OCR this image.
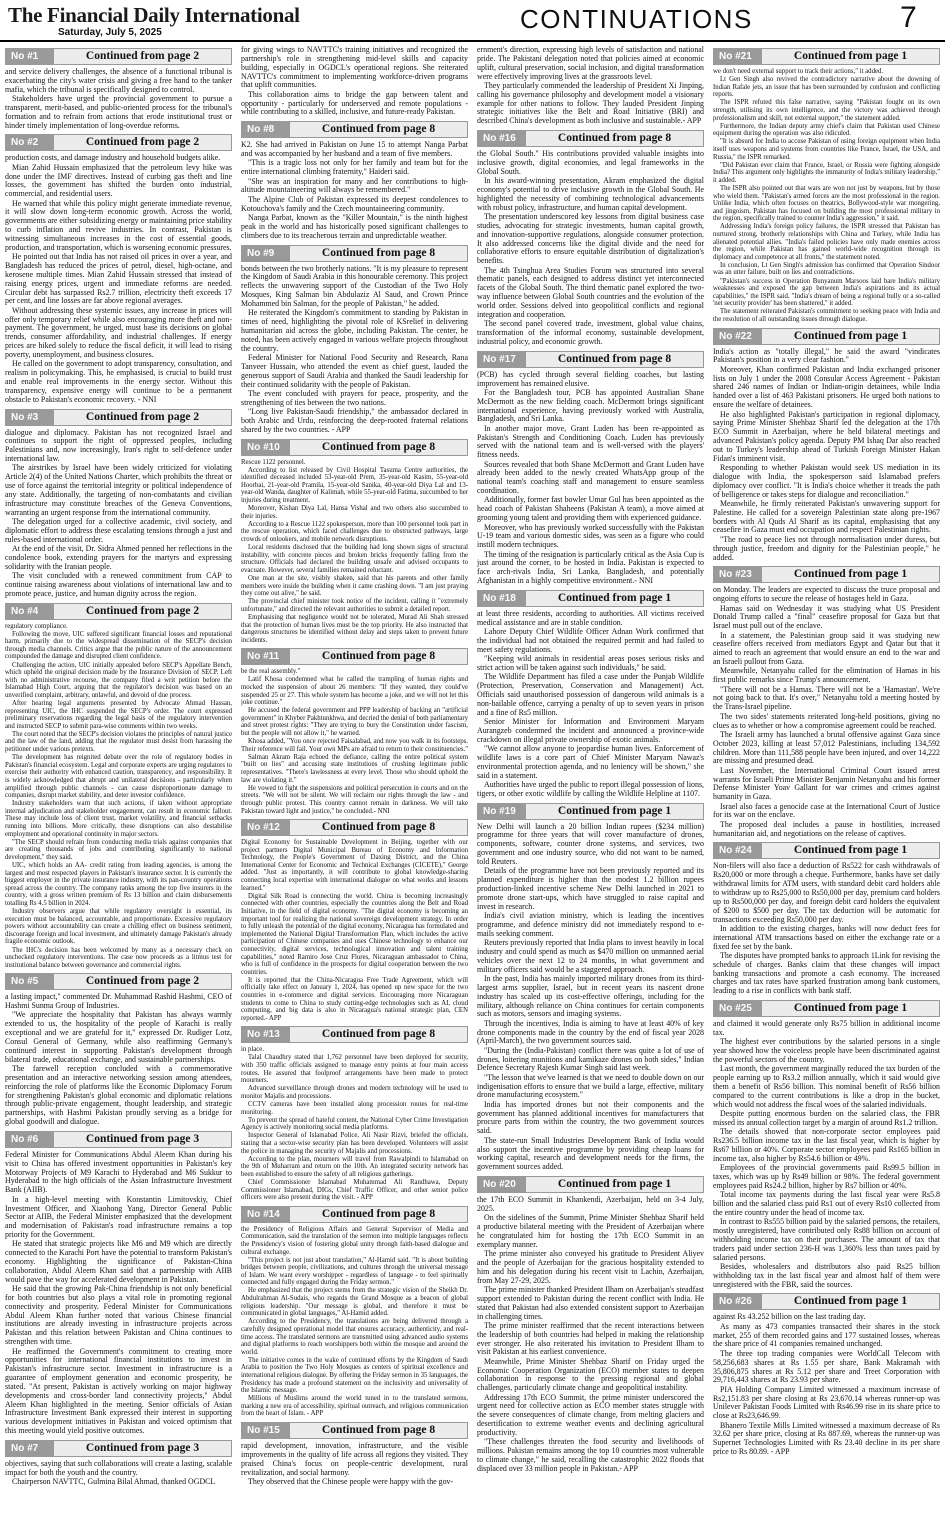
The Financial Daily International
Saturday, July 5, 2025	CONTINUATIONS	7
No #1	Continued from page 2

and service delivery challenges, the absence of a functional tribunal is exacerbating the city's water crisis and giving a free hand to the tanker mafia, which the tribunal is specifically designed to control.

Stakeholders have urged the provincial government to pursue a transparent, merit-based, and public-oriented process for the tribunal's formation and to refrain from actions that erode institutional trust or hinder timely implementation of long-overdue reforms.

No #2	Continued from page 2

production costs, and damage industry and household budgets alike.

Mian Zahid Hussain emphasized that the petroleum levy hike was done under the IMF directives. Instead of curbing gas theft and line losses, the government has shifted the burden onto industrial, commercial, and residential users.

He warned that while this policy might generate immediate revenue, it will slow down long-term economic growth. Across the world, governments are either subsidizing energy or maintaining price stability to curb inflation and revive industries. In contrast, Pakistan is witnessing simultaneous increases in the cost of essential goods, production, and transportation, which is worsening economic pressures.

He pointed out that India has not raised oil prices in over a year, and Bangladesh has reduced the prices of petrol, diesel, high-octane, and kerosene multiple times. Mian Zahid Hussain stressed that instead of raising energy prices, urgent and immediate reforms are needed. Circular debt has surpassed Rs2.7 trillion, electricity theft exceeds 17 per cent, and line losses are far above regional averages.

Without addressing these systemic issues, any increase in prices will offer only temporary relief while also encouraging more theft and non-payment. The government, he urged, must base its decisions on global trends, consumer affordability, and industrial challenges. If energy prices are hiked solely to reduce the fiscal deficit, it will lead to rising poverty, unemployment, and business closures.

He called on the government to adopt transparency, consultation, and realism in policymaking. This, he emphasised, is crucial to build trust and enable real improvements in the energy sector. Without this transparency, expensive energy will continue to be a permanent obstacle to Pakistan's economic recovery. - NNI

No #3	Continued from page 2

dialogue and diplomacy. Pakistan has not recognized Israel and continues to support the right of oppressed peoples, including Palestinians and, now increasingly, Iran's right to self-defence under international law.

The airstrikes by Israel have been widely criticized for violating Article 2(4) of the United Nations Charter, which prohibits the threat or use of force against the territorial integrity or political independence of any state. Additionally, the targeting of non-combatants and civilian infrastructure may constitute breaches of the Geneva Conventions, warranting an urgent response from the international community.

The delegation urged for a collective academic, civil society, and diplomatic effort to address these escalating tensions through a just and rules-based international order.

At the end of the visit, Dr. Sidra Ahmed penned her reflections in the condolence book, extending prayers for the martyrs and expressing solidarity with the Iranian people.

The visit concluded with a renewed commitment from CAP to continue raising awareness about violations of international law and to promote peace, justice, and human dignity across the region.

No #4	Continued from page 2

regulatory compliance.

Following the move, UIC suffered significant financial losses and reputational harm, primarily due to the widespread dissemination of the SECP's decision through media channels. Critics argue that the public nature of the announcement compounded the damage and disrupted client confidence.

Challenging the action, UIC initially appealed before SECP's Appellate Bench, which upheld the original decision made by the Insurance Division of SECP. Left with no administrative recourse, the company filed a writ petition before the Islamabad High Court, arguing that the regulator's decision was based on an unverified complaint, arbitrary, unlawful, and devoid of due process.

After hearing legal arguments presented by Advocate Ahmad Hassan, representing UIC, the IHC suspended the SECP's order. The court expressed preliminary reservations regarding the legal basis of the regulatory intervention and instructed SECP to submit para-wise comments within two weeks.

The court noted that the SECP's decision violates the principles of natural justice and the law of the land, adding that the regulator must desist from harassing the petitioner under various pretexts.

The development has reignited debate over the role of regulatory bodies in Pakistan's financial ecosystem. Legal and corporate experts are urging regulators to exercise their authority with enhanced caution, transparency, and responsibility. It is widely acknowledged that abrupt and unilateral decisions - particularly when amplified through public channels - can cause disproportionate damage to companies, disrupt market stability, and deter investor confidence.

Industry stakeholders warn that such actions, if taken without appropriate internal adjudication and stakeholder engagement, can result in economic fallout. These may include loss of client trust, market volatility, and financial setbacks running into billions. More critically, these disruptions can also destabilise employment and operational continuity in major sectors.

"The SECP should refrain from conducting media trials against companies that are creating thousands of jobs and contributing significantly to national development," they said.

UIC, which holds an AA- credit rating from leading agencies, is among the largest and most respected players in Pakistan's insurance sector. It is currently the biggest employer in the private insurance industry, with its pan-country operations spread across the country. The company ranks among the top five insurers in the country, with a gross written premium of Rs 13 billion and claim disbursements totalling Rs 4.5 billion in 2024.

Industry observers argue that while regulatory oversight is essential, its execution must be balanced, accountable, and proportionate. Excessive regulatory powers without accountability can create a chilling effect on business sentiment, discourage foreign and local investment, and ultimately damage Pakistan's already fragile economic outlook.

The IHC's decision has been welcomed by many as a necessary check on unchecked regulatory interventions. The case now proceeds as a litmus test for institutional balance between governance and commercial rights.

No #5	Continued from page 2

a lasting impact," commented Dr. Muhammad Rashid Hashmi, CEO of Hashmi Sunma Group of Industries.

"We appreciate the hospitality that Pakistan has always warmly extended to us, the hospitality of the people of Karachi is really exceptional and we are grateful for it," expressed Dr. Rudiger Lotz, Consul General of Germany, while also reaffirming Germany's continued interest in supporting Pakistan's development through bilateral trade, educational exchange, and sustainable partnerships.

The farewell reception concluded with a commemorative presentation and an interactive networking session among attendees, reinforcing the role of platforms like the Economic Diplomacy Forum for strengthening Pakistan's global economic and diplomatic relations through public-private engagement, thought leadership, and strategic partnerships, with Hashmi Pakistan proudly serving as a bridge for global goodwill and dialogue.

No #6	Continued from page 3

Federal Minister for Communications Abdul Aleem Khan during his visit to China has offered investment opportunities in Pakistan's key Motorway Projects of M9 Karachi to Hyderabad and M6 Sukkur to Hyderabad to the high officials of the Asian Infrastructure Investment Bank (AIIB).

In a high-level meeting with Konstantin Limitovskiy, Chief Investment Officer, and Xiaohong Yang, Director General Public Sector at AIIB, the Federal Minister emphasized that the development and modernisation of Pakistan's road infrastructure remains a top priority for the Government.

He stated that strategic projects like M6 and M9 which are directly connected to the Karachi Port have the potential to transform Pakistan's economy. Highlighting the significance of Pakistan-China collaboration, Abdul Aleem Khan said that a partnership with AIIB would pave the way for accelerated development in Pakistan.

He said that the growing Pak-China friendship is not only beneficial for both countries but also plays a vital role in promoting regional connectivity and prosperity. Federal Minister for Communications Abdul Aleem Khan further noted that various Chinese financial institutions are already investing in infrastructure projects across Pakistan and this relation between Pakistan and China continues to strengthen with time.

He reaffirmed the Government's commitment to creating more opportunities for international financial institutions to invest in Pakistan's infrastructure sector. Investment in infrastructure is a guarantee of employment generation and economic prosperity, he stated. "At present, Pakistan is actively working on major highway developments and cross-border land connectivity projects," Abdul Aleem Khan highlighted in the meeting. Senior officials of Asian Infrastructure Investment Bank expressed their interest in supporting various development initiatives in Pakistan and voiced optimism that this meeting would yield positive outcomes.

No #7	Continued from page 3

objectives, saying that such collaborations will create a lasting, scalable impact for both the youth and the country.

Chairperson NAVTTC, Gulmina Bilal Ahmad, thanked OGDCL

for giving wings to NAVTTC's training initiatives and recognized the partnership's role in strengthening mid-level skills and capacity building, especially in OGDCL's operational regions. She reiterated NAVTTC's commitment to implementing workforce-driven programs that uplift communities.

This collaboration aims to bridge the gap between talent and opportunity - particularly for underserved and remote populations - while contributing to a skilled, inclusive, and future-ready Pakistan.

No #8	Continued from page 8

K2. She had arrived in Pakistan on June 15 to attempt Nanga Parbat and was accompanied by her husband and a team of five members.

"This is a tragic loss not only for her family and team but for the entire international climbing fraternity," Haideri said.

"She was an inspiration for many and her contributions to high-altitude mountaineering will always be remembered."

The Alpine Club of Pakistan expressed its deepest condolences to Kotouchova's family and the Czech mountaineering community.

Nanga Parbat, known as the "Killer Mountain," is the ninth highest peak in the world and has historically posed significant challenges to climbers due to its treacherous terrain and unpredictable weather.

No #9	Continued from page 8

bonds between the two brotherly nations. "It is my pleasure to represent the Kingdom of Saudi Arabia in this honourable ceremony. This project reflects the unwavering support of the Custodian of the Two Holy Mosques, King Salman bin Abdulaziz Al Saud, and Crown Prince Mohammed bin Salman, for the people of Pakistan," he added.

He reiterated the Kingdom's commitment to standing by Pakistan in times of need, highlighting the pivotal role of KSrelief in delivering humanitarian aid across the globe, including Pakistan. The center, he noted, has been actively engaged in various welfare projects throughout the country.

Federal Minister for National Food Security and Research, Rana Tanveer Hussain, who attended the event as chief guest, lauded the generous support of Saudi Arabia and thanked the Saudi leadership for their continued solidarity with the people of Pakistan.

The event concluded with prayers for peace, prosperity, and the strengthening of ties between the two nations.

"Long live Pakistan-Saudi friendship," the ambassador declared in both Arabic and Urdu, reinforcing the deep-rooted fraternal relations shared by the two countries. - APP

No #10	Continued from page 8

Rescue 1122 personnel.

According to list released by Civil Hospital Tasuma Centre authorities, the identified deceased included 53-year-old Prem, 35-year-old Kasim, 55-year-old Hoorbai, 21-year-old Pramila, 15-year-old Sanika, 40-year-old Diya Lal and 13-year-old Wanda, daughter of Kalimah, while 55-year-old Fatima, succumbed to her injuries during treatment.

Moreover, Kishan Diya Lal, Hansa Vishal and two others also succumbed to their injuries.

According to a Rescue 1122 spokesperson, more than 100 personnel took part in the rescue operation, which faced challenges due to obstructed pathways, large crowds of onlookers, and mobile network disruptions.

Local residents disclosed that the building had long shown signs of structural instability, with concrete pieces and broken bricks frequently falling from the structure. Officials had declared the building unsafe and advised occupants to evacuate. However, several families remained reluctant.

One man at the site, visibly shaken, said that his parents and other family members were inside the building when it came crashing down. "I am just praying they come out alive," he said.

The provincial chief minister took notice of the incident, calling it "extremely unfortunate," and directed the relevant authorities to submit a detailed report.

Emphasising that negligence would not be tolerated, Murad Ali Shah stressed that the protection of human lives must be the top priority. He also instructed that dangerous structures be identified without delay and steps taken to prevent future incidents.

No #11	Continued from page 8

be the real assembly."

Latif Khosa condemned what he called the trampling of human rights and mocked the suspension of about 26 members: "If they wanted, they could've suspended 25 or 27. This whole system has become a joke, and we will not let this joke continue."

He accused the federal government and PPP leadership of backing an "artificial government" in Khyber Pakhtunkhwa, and decried the denial of both parliamentary and street protest rights: "They are trying to bury the Constitution under fascism, but the people will not allow it," he warned.

Khosa added, "You once rejected Faisalabad, and now you walk in its footsteps. Their reference will fail. Your own MPs are afraid to return to their constituencies."

Salman Akram Raja echoed the defiance, calling the entire political system "built on lies" and accusing state institutions of crushing legitimate public representatives. "There's lawlessness at every level. Those who should uphold the law are violating it."

He vowed to fight the suspensions and political persecution in courts and on the streets. "We will not be silent. We will reclaim our rights through the law - and through public protest. This country cannot remain in darkness. We will take Pakistan toward light and justice," he concluded.- NNI

No #12	Continued from page 8

Digital Economy for Sustainable Development in Beijing, together with our project partners Digital Municipal Bureau of Economy and Information Technology, the People's Government of Daxing District, and the China International Center for Economic and Technical Exchanges (CICETE)," George added. "Just as importantly, it will contribute to global knowledge-sharing connecting local expertise with international dialogue on what works and lessons learned."

Digital Silk Road is connecting the world. China is becoming increasingly connected with other countries, especially the countries along the Belt and Road Initiative, in the field of digital economy. "The digital economy is becoming an important tool for realizing the national sovereign development strategy. In order to fully unleash the potential of the digital economy, Nicaragua has formulated and implemented the National Digital Transformation Plan, which includes the active participation of Chinese companies and uses Chinese technology to enhance our connectivity, digital services, technological innovation and talent training capabilities," noted Ramiro Jose Cruz Flores, Nicaraguan ambassador to China, who is full of confidence in the prospects for digital cooperation between the two countries.

It is reported that the China-Nicaragua Free Trade Agreement, which will officially take effect on January 1, 2024, has opened up new space for the two countries in e-commerce and digital services. Encouraging more Nicaraguan students to come to China to study cutting-edge technologies such as AI, cloud computing, and big data is also in Nicaragua's national strategic plan, CEN reported.- APP

No #13	Continued from page 8

in place.

Talal Chaudhry stated that 1,762 personnel have been deployed for security, with 350 traffic officials assigned to manage entry points at four main access routes. He assured that foolproof arrangements have been made to protect mourners.

Advanced surveillance through drones and modern technology will be used to monitor Majalis and processions.

CCTV cameras have been installed along procession routes for real-time monitoring.

To prevent the spread of hateful content, the National Cyber Crime Investigation Agency is actively monitoring social media platforms.

Inspector General of Islamabad Police, Ali Nasir Rizvi, briefed the officials, stating that a sector-wise security plan has been developed. Volunteers will assist the police in managing the security of Majalis and processions.

According to the plan, mourners will travel from Rawalpindi to Islamabad on the 9th of Muharram and return on the 10th. An integrated security network has been established to ensure the safety of all religious gatherings.

Chief Commissioner Islamabad Muhammad Ali Randhawa, Deputy Commissioner Islamabad, DIGs, Chief Traffic Officer, and other senior police officers were also present during the visit. - APP

No #14	Continued from page 8

the Presidency of Religious Affairs and General Supervisor of Media and Communication, said the translation of the sermon into multiple languages reflects the Presidency's vision of fostering global unity through faith-based dialogue and cultural exchange.

"This project is not just about translation," Al-Hamid said. "It is about building bridges between people, civilizations, and cultures through the universal message of Islam. We want every worshipper - regardless of language - to feel spiritually connected and fully engaged during the Friday sermon."

He emphasized that the project stems from the strategic vision of the Sheikh Dr. Abdulrahman Al-Sudais, who regards the Grand Mosque as a beacon of global religious leadership. "Our message is global, and therefore it must be communicated in global languages," Al-Hamid added.

According to the Presidency, the translations are being delivered through a carefully designed operational model that ensures accuracy, authenticity, and real-time access. The translated sermons are transmitted using advanced audio systems and digital platforms to reach worshippers both within the mosque and around the world.

The initiative comes in the wake of continued efforts by the Kingdom of Saudi Arabia to position the Two Holy Mosques as centers of spiritual excellence and international religious dialogue. By offering the Friday sermon in 35 languages, the Presidency has made a profound statement on the inclusivity and universality of the Islamic message.

Millions of Muslims around the world tuned in to the translated sermons, marking a new era of accessibility, spiritual outreach, and religious communication from the heart of Islam. - APP

No #15	Continued from page 8

rapid development, innovation, infrastructure, and the visible improvements in the quality of life across all regions they visited. They praised China's focus on people-centric development, rural revitalization, and social harmony.

They observed that the Chinese people were happy with the gov-

ernment's direction, expressing high levels of satisfaction and national pride. The Pakistani delegation noted that policies aimed at economic uplift, cultural preservation, social inclusion, and digital transformation were effectively improving lives at the grassroots level.

They particularly commended the leadership of President Xi Jinping, calling his governance philosophy and development model a visionary example for other nations to follow. They lauded President Jinping strategic initiatives like the Belt and Road Initiative (BRI) and described China's development as both inclusive and sustainable.- APP

No #16	Continued from page 8

the Global South." His contributions provided valuable insights into inclusive growth, digital economies, and legal frameworks in the Global South.

In his award-winning presentation, Akram emphasized the digital economy's potential to drive inclusive growth in the Global South. He highlighted the necessity of combining technological advancements with robust policy, infrastructure, and human capital development.

The presentation underscored key lessons from digital business case studies, advocating for strategic investments, human capital growth, and innovation-supportive regulations, alongside consumer protection. It also addressed concerns like the digital divide and the need for collaborative efforts to ensure equitable distribution of digitalization's benefits.

The 4th Tsinghua Area Studies Forum was structured into several thematic panels, each designed to address distinct yet interconnected facets of the Global South. The third thematic panel explored the two-way influence between Global South countries and the evolution of the world order. Sessions delved into geopolitical conflicts and regional integration and cooperation.

The second panel covered trade, investment, global value chains, transformation of the informal economy, sustainable development, industrial policy, and economic growth.

No #17	Continued from page 8

(PCB) has cycled through several fielding coaches, but lasting improvement has remained elusive.

For the Bangladesh tour, PCB has appointed Australian Shane McDermott as the new fielding coach. McDermott brings significant international experience, having previously worked with Australia, Bangladesh, and Sri Lanka.

In another major move, Grant Luden has been re-appointed as Pakistan's Strength and Conditioning Coach. Luden has previously served with the national team and is well-versed with the players' fitness needs.

Sources revealed that both Shane McDermott and Grant Luden have already been added to the newly created WhatsApp group of the national team's coaching staff and management to ensure seamless coordination.

Additionally, former fast bowler Umar Gul has been appointed as the head coach of Pakistan Shaheens (Pakistan A team), a move aimed at grooming young talent and providing them with experienced guidance.

Moreover, who has previously worked successfully with the Pakistan U-19 team and various domestic sides, was seen as a figure who could instill modern techniques.

The timing of the resignation is particularly critical as the Asia Cup is just around the corner, to be hosted in India. Pakistan is expected to face arch-rivals India, Sri Lanka, Bangladesh, and potentially Afghanistan in a highly competitive environment.- NNI

No #18	Continued from page 1

at least three residents, according to authorities. All victims received medical assistance and are in stable condition.

Lahore Deputy Chief Wildlife Officer Adnan Work confirmed that the individual had not obtained the required permit and had failed to meet safety regulations.

"Keeping wild animals in residential areas poses serious risks and strict action will be taken against such individuals," he said.

The Wildlife Department has filed a case under the Punjab Wildlife (Protection, Preservation, Conservation and Management) Act. Officials said unauthorised possession of dangerous wild animals is a non-bailable offence, carrying a penalty of up to seven years in prison and a fine of Rs5 million.

Senior Minister for Information and Environment Maryam Aurangzeb condemned the incident and announced a province-wide crackdown on illegal private ownership of exotic animals.

"We cannot allow anyone to jeopardise human lives. Enforcement of wildlife laws is a core part of Chief Minister Maryam Nawaz's environmental protection agenda, and no leniency will be shown," she said in a statement.

Authorities have urged the public to report illegal possession of lions, tigers, or other exotic wildlife by calling the Wildlife Helpline at 1107.

No #19	Continued from page 1

New Delhi will launch a 20 billion Indian rupees ($234 million) programme for three years that will cover manufacture of drones, components, software, counter drone systems, and services, two government and one industry source, who did not want to be named, told Reuters.

Details of the programme have not been previously reported and its planned expenditure is higher than the modest 1.2 billion rupees production-linked incentive scheme New Delhi launched in 2021 to promote drone start-ups, which have struggled to raise capital and invest in research.

India's civil aviation ministry, which is leading the incentives programme, and defence ministry did not immediately respond to e-mails seeking comment.

Reuters previously reported that India plans to invest heavily in local industry and could spend as much as $470 million on unmanned aerial vehicles over the next 12 to 24 months, in what government and military officers said would be a staggered approach.

In the past, India has mainly imported military drones from its third-largest arms supplier, Israel, but in recent years its nascent drone industry has scaled up its cost-effective offerings, including for the military, although reliance on China continues for certain components such as motors, sensors and imaging systems.

Through the incentives, India is aiming to have at least 40% of key drone components made in the country by the end of fiscal year 2028 (April-March), the two government sources said.

"During the (India-Pakistan) conflict there was quite a lot of use of drones, loitering munitions and kamikaze drones on both sides," Indian Defence Secretary Rajesh Kumar Singh said last week.

"The lesson that we've learned is that we need to double down on our indigenisation efforts to ensure that we build a large, effective, military drone manufacturing ecosystem."

India has imported drones but not their components and the government has planned additional incentives for manufacturers that procure parts from within the country, the two government sources said.

The state-run Small Industries Development Bank of India would also support the incentive programme by providing cheap loans for working capital, research and development needs for the firms, the government sources added.

No #20	Continued from page 1

the 17th ECO Summit in Khankendi, Azerbaijan, held on 3-4 July, 2025.

On the sidelines of the Summit, Prime Minister Shehbaz Sharif held a productive bilateral meeting with the President of Azerbaijan where he congratulated him for hosting the 17th ECO Summit in an exemplary manner.

The prime minister also conveyed his gratitude to President Aliyev and the people of Azerbaijan for the gracious hospitality extended to him and his delegation during his recent visit to Lachin, Azerbaijan, from May 27-29, 2025.

The prime minister thanked President Ilham on Azerbaijan's steadfast support extended to Pakistan during the recent conflict with India. He stated that Pakistan had also extended consistent support to Azerbaijan in challenging times.

The prime minister reaffirmed that the recent interactions between the leadership of both countries had helped in making the relationship ever stronger. He also reiterated his invitation to President Ilham to visit Pakistan at his earliest convenience.

Meanwhile, Prime Minister Shehbaz Sharif on Friday urged the Economic Cooperation Organization (ECO) member states to deepen collaboration in response to the pressing regional and global challenges, particularly climate change and geopolitical instability.

Addressing 17th ECO Summit, the prime minister underscored the urgent need for collective action as ECO member states struggle with the severe consequences of climate change, from melting glaciers and desertification to extreme weather events and declining agricultural productivity.

"These challenges threaten the food security and livelihoods of millions. Pakistan remains among the top 10 countries most vulnerable to climate change," he said, recalling the catastrophic 2022 floods that displaced over 33 million people in Pakistan.- APP

No #21	Continued from page 1

we don't need external support to track their actions," it added.

Lt Gen Singh also revived the contradictory narrative about the downing of Indian Rafale jets, an issue that has been surrounded by confusion and conflicting reports.

The ISPR refuted this false narrative, saying "Pakistan fought on its own strength, utilising its own intelligence, and the victory was achieved through professionalism and skill, not external support," the statement added.

Furthermore, the Indian deputy army chief's claim that Pakistan used Chinese equipment during the operation was also ridiculed.

"It is absurd for India to accuse Pakistan of using foreign equipment when India itself uses weapons and systems from countries like France, Israel, the USA, and Russia," the ISPR remarked.

"Did Pakistan ever claim that France, Israel, or Russia were fighting alongside India? This argument only highlights the immaturity of India's military leadership," it added.

The ISPR also pointed out that wars are won not just by weapons, but by those who wield them. "Pakistan's armed forces are the most professional in the region. Unlike India, which often focuses on theatrics, Bollywood-style war mongering, and jingoism, Pakistan has focused on building the most professional military in the region, specifically trained to counter India's aggression," it said.

Addressing India's foreign policy failures, the ISPR stressed that Pakistan has nurtured strong, brotherly relationships with China and Turkey, while India has alienated potential allies. "India's failed policies have only made enemies across the region, while Pakistan has gained world-wide recognition through its diplomacy and competence at all fronts," the statement noted.

In conclusion, Lt Gen Singh's admission has confirmed that Operation Sindoor was an utter failure, built on lies and contradictions.

"Pakistan's success in Operation Bunyanum Marsoos laid bare India's military weaknesses and exposed the gap between India's aspirations and its actual capabilities," the ISPR said. "India's dream of being a regional bully or a so-called 'net security provider' has been shattered," it added.

The statement reiterated Pakistan's commitment to seeking peace with India and the resolution of all outstanding issues through dialogue.

No #22	Continued from page 1

India's action as "totally illegal," he said the award "vindicates Pakistan's position in a very clear fashion."

Moreover, Khan confirmed Pakistan and India exchanged prisoner lists on July 1 under the 2008 Consular Access Agreement - Pakistan shared 246 names of Indian or Indian-origin detainees, while India handed over a list of 463 Pakistani prisoners. He urged both nations to ensure the welfare of detainees.

He also highlighted Pakistan's participation in regional diplomacy, saying Prime Minister Shehbaz Sharif led the delegation at the 17th ECO Summit in Azerbaijan, where he held bilateral meetings and advanced Pakistan's policy agenda. Deputy PM Ishaq Dar also reached out to Turkey's leadership ahead of Turkish Foreign Minister Hakan Fidan's imminent visit.

Responding to whether Pakistan would seek US mediation in its dialogue with India, the spokesperson said Islamabad prefers diplomacy over conflict. "It is India's choice whether it treads the path of belligerence or takes steps for dialogue and reconciliation."

Meanwhile, he firmly reiterated Pakistan's unwavering support for Palestine. He called for a sovereign Palestinian state along pre-1967 borders with Al Quds Al Sharif as its capital, emphasising that any ceasefire in Gaza must end occupation and respect Palestinian rights.

"The road to peace lies not through normalisation under duress, but through justice, freedom and dignity for the Palestinian people," he added.

No #23	Continued from page 1

on Monday. The leaders are expected to discuss the truce proposal and ongoing efforts to secure the release of hostages held in Gaza.

Hamas said on Wednesday it was studying what US President Donald Trump called a "final" ceasefire proposal for Gaza but that Israel must pull out of the enclave.

In a statement, the Palestinian group said it was studying new ceasefire offers received from mediators Egypt and Qatar but that it aimed to reach an agreement that would ensure an end to the war and an Israeli pullout from Gaza.

Meanwhile, Netanyahu called for the elimination of Hamas in his first public remarks since Trump's announcement.

"There will not be a Hamas. There will not be a 'Hamastan'. We're not going back to that. It's over," Netanyahu told a meeting hosted by the Trans-Israel pipeline.

The two sides' statements reiterated long-held positions, giving no clues as to whether or how a compromise agreement could be reached.

The Israeli army has launched a brutal offensive against Gaza since October 2023, killing at least 57,012 Palestinians, including 134,592 children. More than 111,588 people have been injured, and over 14,222 are missing and presumed dead.

Last November, the International Criminal Court issued arrest warrants for Israeli Prime Minister Benjamin Netanyahu and his former Defense Minister Yoav Gallant for war crimes and crimes against humanity in Gaza.

Israel also faces a genocide case at the International Court of Justice for its war on the enclave.

The proposed deal includes a pause in hostilities, increased humanitarian aid, and negotiations on the release of captives.

No #24	Continued from page 1

Non-filers will also face a deduction of Rs522 for cash withdrawals of Rs20,000 or more through a cheque. Furthermore, banks have set daily withdrawal limits for ATM users, with standard debit card holders able to withdraw up to Rs25,000 to Rs50,000 per day, premium card holders up to Rs500,000 per day, and foreign debit card holders the equivalent of $200 to $500 per day. The tax deduction will be automatic for transactions exceeding Rs50,000 per day.

In addition to the existing charges, banks will now deduct fees for international ATM transactions based on either the exchange rate or a fixed fee set by the bank.

The disputes have prompted banks to approach 1Link for revising the schedule of charges. Banks claim that these changes will impact banking transactions and promote a cash economy. The increased charges and tax rates have sparked frustration among bank customers, leading to a rise in conflicts with bank staff.

No #25	Continued from page 1

and claimed it would generate only Rs75 billion in additional income tax.

The highest ever contributions by the salaried persons in a single year showed how the voiceless people have been discriminated against the powerful sectors of the country.

Last month, the government marginally reduced the tax burden of the people earning up to Rs3.2 million annually, which it said would give them a benefit of Rs56 billion. This nominal benefit of Rs56 billion compared to the current contributions is like a drop in the bucket, which would not address the fiscal woes of the salaried individuals.

Despite putting enormous burden on the salaried class, the FBR missed its annual collection target by a margin of around Rs1.2 trillion.

The details showed that non-corporate sector employees paid Rs236.5 billion income tax in the last fiscal year, which is higher by Rs67 billion or 40%. Corporate sector employees paid Rs165 billion in income tax, also higher by Rs54.6 billion or 49%.

Employees of the provincial governments paid Rs99.5 billion in taxes, which was up by Rs49 billion or 98%. The federal government employees paid Rs24.2 billion, higher by Rs7 billion or 40%.

Total income tax payments during the last fiscal year were Rs5.8 billion and the salaried class paid Rs1 out of every Rs10 collected from the entire country under the head of income tax.

In contrast to Rs555 billion paid by the salaried persons, the retailers, mostly unregistered, have contributed only Rs88 billion on account of withholding income tax on their purchases. The amount of tax that traders paid under section 236-H was 1,360% less than taxes paid by salaried persons.

Besides, wholesalers and distributors also paid Rs25 billion withholding tax in the last fiscal year and almost half of them were unregistered with the FBR, said the sources.

No #26	Continued from page 1

against Rs 43.252 billion on the last trading day.

As many as 473 companies transacted their shares in the stock market, 255 of them recorded gains and 177 sustained losses, whereas the share price of 41 companies remained unchanged.

The three top trading companies were WorldCall Telecom with 58,256,683 shares at Rs 1.55 per share, Bank Makramah with 35,806,875 shares at Rs 5.12 per share and Treet Corporation with 29,716,443 shares at Rs 23.93 per share.

PIA Holding Company Limited witnessed a maximum increase of Rs2,151.83 per share closing at Rs 23,670.14 whereas runner-up was Unilever Pakistan Foods Limited with Rs46.99 rise in its share price to close at Rs23,646.99.

Bhanero Textile Mills Limited witnessed a maximum decrease of Rs 32.62 per share price, closing at Rs 887.69, whereas the runner-up was Supernet Technologies Limited with Rs 23.40 decline in its per share price to Rs 80.89. - APP
